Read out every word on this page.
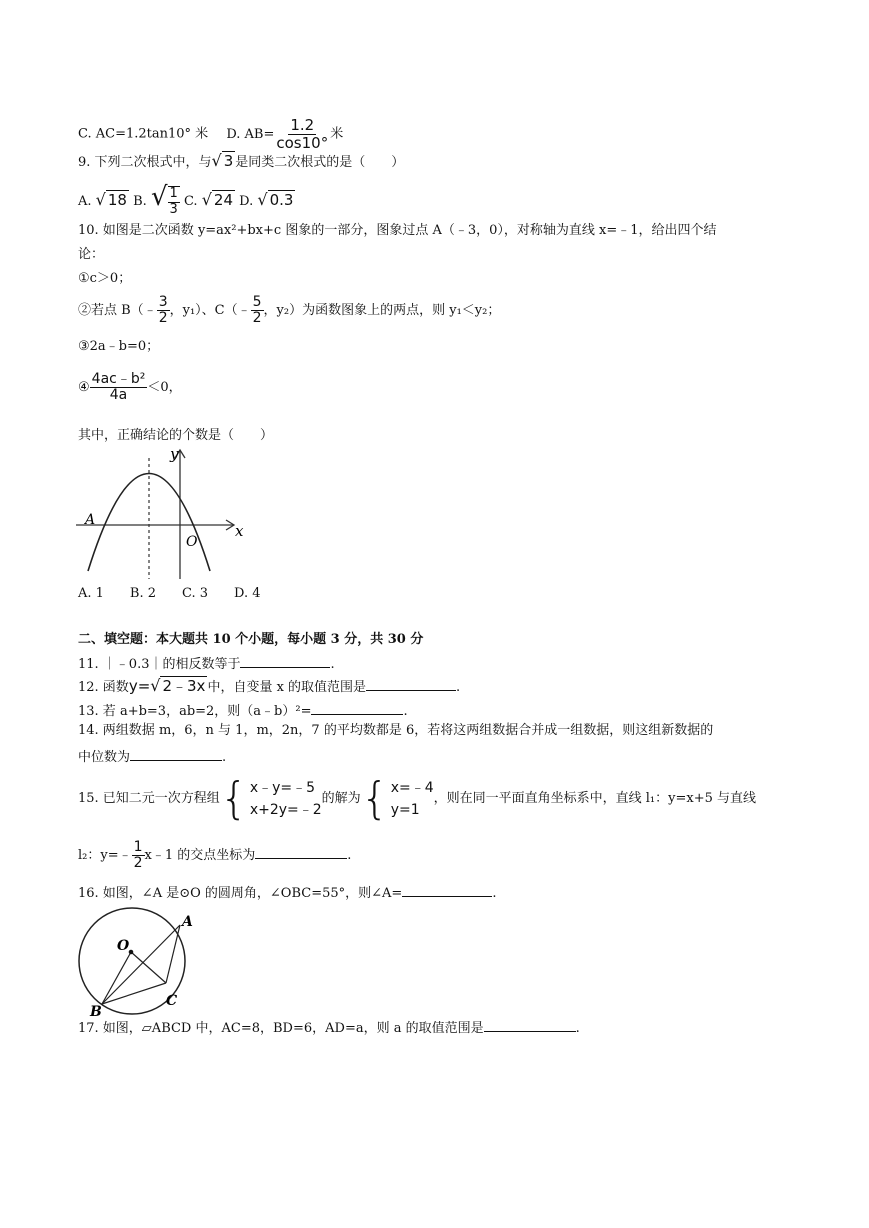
C. AC=1.2tan10° 米 D. $AB= \frac{1.2}{\cos 10^\circ}$ 米
9. 下列二次根式中，与√ 3 是同类二次根式的是（　　）
A. √ 18 B. √ $\frac{1}{3} C$. √ 24 D. √ 0.3
10. 如图是二次函数 y=ax²+bx+c 图象的一部分，图象过点 A（﹣3，0），对称轴为直线 x=﹣1，给出四个结
论：
①c＞0；
②若点 B（﹣ $\frac{3}{2}$ ，y₁）、C（﹣ $\frac{5}{2}$ ，y₂）为函数图象上的两点，则 y₁＜y₂；
③2a﹣b=0；
④ $\frac{\text{4ac﹣b²}}{4a} <0$，
其中，正确结论的个数是（　　）
y
x
A
O
A. 1　　B. 2　　C. 3　　D. 4
二、填空题：本大题共 10 个小题，每小题 3 分，共 30 分
11. ｜﹣0.3｜的相反数等于	.
12. 函数y=√ 2﹣3x 中，自变量 x 的取值范围是	.
13. 若 a+b=3，ab=2，则（a﹣b）²=	.
14. 两组数据 m，6，n 与 1，m，2n，7 的平均数都是 6，若将这两组数据合并成一组数据，则这组新数据的
中位数为	.
15. 已知二元一次方程组 { x﹣y=﹣5
x+2y=﹣2
的解为 { x=﹣4
y=1
，则在同一平面直角坐标系中，直线 l₁：y=x+5 与直线
l₂：y=﹣ $\frac{1}{2}$ x﹣1 的交点坐标为	.
16. 如图，∠A 是⊙O 的圆周角，∠OBC=55°，则∠A=	.
O
A
B
C
17. 如图，▱ABCD 中，AC=8，BD=6，AD=a，则 a 的取值范围是	.
